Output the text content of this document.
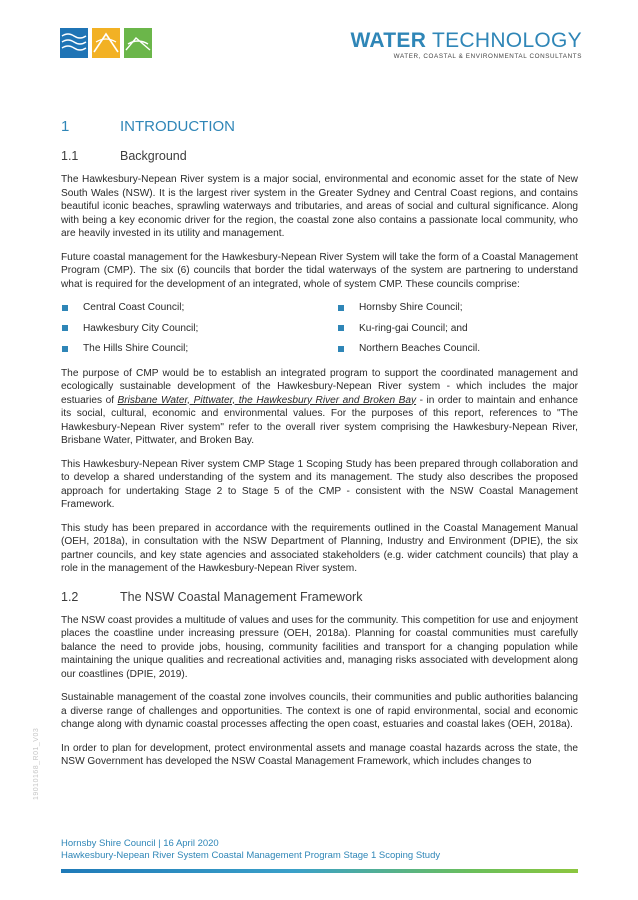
WATER TECHNOLOGY
WATER, COASTAL & ENVIRONMENTAL CONSULTANTS
1	INTRODUCTION
1.1	Background

The Hawkesbury-Nepean River system is a major social, environmental and economic asset for the state of New South Wales (NSW). It is the largest river system in the Greater Sydney and Central Coast regions, and contains beautiful iconic beaches, sprawling waterways and tributaries, and areas of social and cultural significance. Along with being a key economic driver for the region, the coastal zone also contains a passionate local community, who are heavily invested in its utility and management.

Future coastal management for the Hawkesbury-Nepean River System will take the form of a Coastal Management Program (CMP). The six (6) councils that border the tidal waterways of the system are partnering to understand what is required for the development of an integrated, whole of system CMP. These councils comprise:

Central Coast Council;	Hornsby Shire Council;
Hawkesbury City Council;	Ku-ring-gai Council; and
The Hills Shire Council;	Northern Beaches Council.

The purpose of CMP would be to establish an integrated program to support the coordinated management and ecologically sustainable development of the Hawkesbury-Nepean River system - which includes the major estuaries of Brisbane Water, Pittwater, the Hawkesbury River and Broken Bay - in order to maintain and enhance its social, cultural, economic and environmental values. For the purposes of this report, references to "The Hawkesbury-Nepean River system" refer to the overall river system comprising the Hawkesbury-Nepean River, Brisbane Water, Pittwater, and Broken Bay.

This Hawkesbury-Nepean River system CMP Stage 1 Scoping Study has been prepared through collaboration and to develop a shared understanding of the system and its management. The study also describes the proposed approach for undertaking Stage 2 to Stage 5 of the CMP - consistent with the NSW Coastal Management Framework.

This study has been prepared in accordance with the requirements outlined in the Coastal Management Manual (OEH, 2018a), in consultation with the NSW Department of Planning, Industry and Environment (DPIE), the six partner councils, and key state agencies and associated stakeholders (e.g. wider catchment councils) that play a role in the management of the Hawkesbury-Nepean River system.

1.2	The NSW Coastal Management Framework

The NSW coast provides a multitude of values and uses for the community. This competition for use and enjoyment places the coastline under increasing pressure (OEH, 2018a). Planning for coastal communities must carefully balance the need to provide jobs, housing, community facilities and transport for a changing population while maintaining the unique qualities and recreational activities and, managing risks associated with development along our coastlines (DPIE, 2019).

Sustainable management of the coastal zone involves councils, their communities and public authorities balancing a diverse range of challenges and opportunities. The context is one of rapid environmental, social and economic change along with dynamic coastal processes affecting the open coast, estuaries and coastal lakes (OEH, 2018a).

In order to plan for development, protect environmental assets and manage coastal hazards across the state, the NSW Government has developed the NSW Coastal Management Framework, which includes changes to

19010168_R01_V03
Hornsby Shire Council | 16 April 2020
Hawkesbury-Nepean River System Coastal Management Program Stage 1 Scoping Study
